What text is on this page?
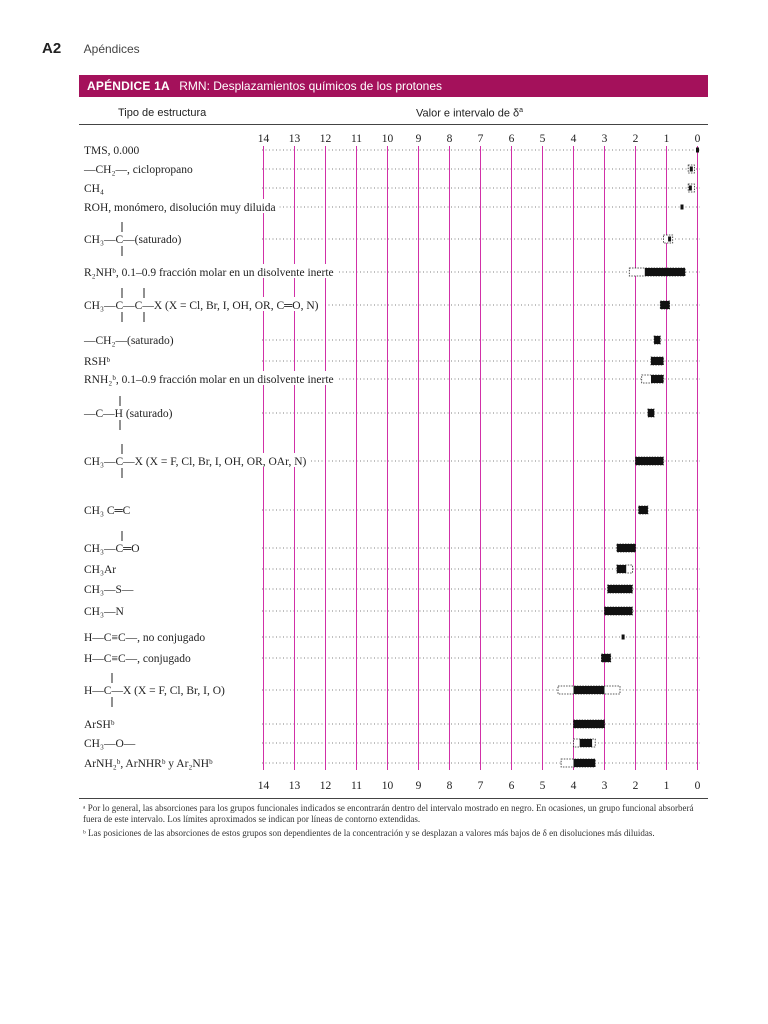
A2 Apéndices
APÉNDICE 1A RMN: Desplazamientos químicos de los protones
Tipo de estructura	Valor e intervalo de $\delta^a$
14
14
13
13
12
12
11
11
10
10
9
9
8
8
7
7
6
6
5
5
4
4
3
3
2
2
1
1
0
0
TMS, 0.000
—CH₂—, ciclopropano
CH₄
ROH, monómero, disolución muy diluida
CH₃—C—(saturado)
R₂NHᵇ, 0.1–0.9 fracción molar en un disolvente inerte
CH₃—C—C—X (X = Cl, Br, I, OH, OR, C═O, N)
—CH₂—(saturado)
RSHᵇ
RNH₂ᵇ, 0.1–0.9 fracción molar en un disolvente inerte
—C—H (saturado)
CH₃—C—X (X = F, Cl, Br, I, OH, OR, OAr, N)
CH₃ C═C
CH₃—C═O
CH₃Ar
CH₃—S—
CH₃—N
H—C≡C—, no conjugado
H—C≡C—, conjugado
H—C—X (X = F, Cl, Br, I, O)
ArSHᵇ
CH₃—O—
ArNH₂ᵇ, ArNHRᵇ y Ar₂NHᵇ
ᵃ Por lo general, las absorciones para los grupos funcionales indicados se encontrarán dentro del intervalo mostrado en negro. En ocasiones, un grupo funcional absorberá fuera de este intervalo. Los límites aproximados se indican por líneas de contorno extendidas.
ᵇ Las posiciones de las absorciones de estos grupos son dependientes de la concentración y se desplazan a valores más bajos de δ en disoluciones más diluidas.
